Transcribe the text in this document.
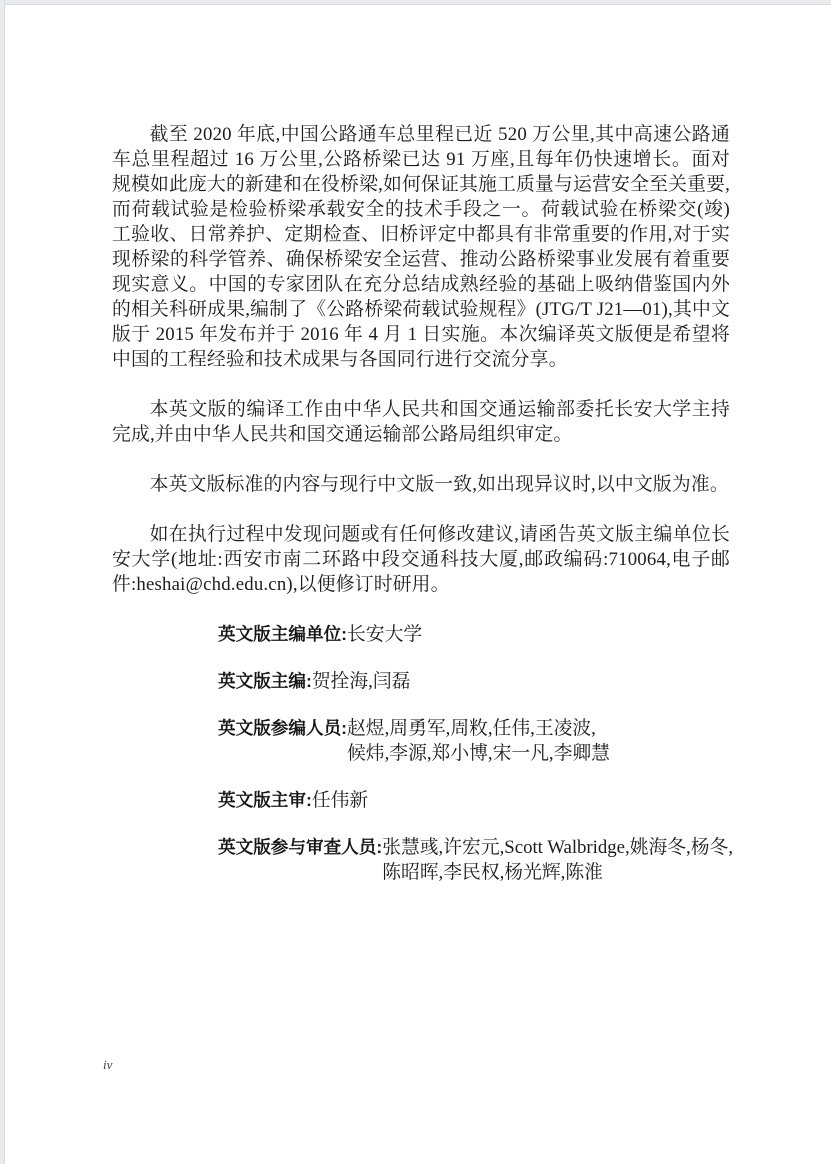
截至 2020 年底,中国公路通车总里程已近 520 万公里,其中高速公路通车总里程超过 16 万公里,公路桥梁已达 91 万座,且每年仍快速增长。面对规模如此庞大的新建和在役桥梁,如何保证其施工质量与运营安全至关重要,而荷载试验是检验桥梁承载安全的技术手段之一。荷载试验在桥梁交(竣)工验收、日常养护、定期检查、旧桥评定中都具有非常重要的作用,对于实现桥梁的科学管养、确保桥梁安全运营、推动公路桥梁事业发展有着重要现实意义。中国的专家团队在充分总结成熟经验的基础上吸纳借鉴国内外的相关科研成果,编制了《公路桥梁荷载试验规程》(JTG/T J21—01),其中文版于 2015 年发布并于 2016 年 4 月 1 日实施。本次编译英文版便是希望将中国的工程经验和技术成果与各国同行进行交流分享。

本英文版的编译工作由中华人民共和国交通运输部委托长安大学主持完成,并由中华人民共和国交通运输部公路局组织审定。

本英文版标准的内容与现行中文版一致,如出现异议时,以中文版为准。

如在执行过程中发现问题或有任何修改建议,请函告英文版主编单位长安大学(地址:西安市南二环路中段交通科技大厦,邮政编码:710064,电子邮件:heshai@chd.edu.cn),以便修订时研用。

英文版主编单位: 长安大学
英文版主编: 贺拴海,闫磊
英文版参编人员: 赵煜,周勇军,周敉,任伟,王凌波,
候炜,李源,郑小博,宋一凡,李卿慧
英文版主审: 任伟新
英文版参与审查人员: 张慧彧,许宏元,Scott Walbridge,姚海冬,杨冬,
陈昭晖,李民权,杨光辉,陈淮
iv
